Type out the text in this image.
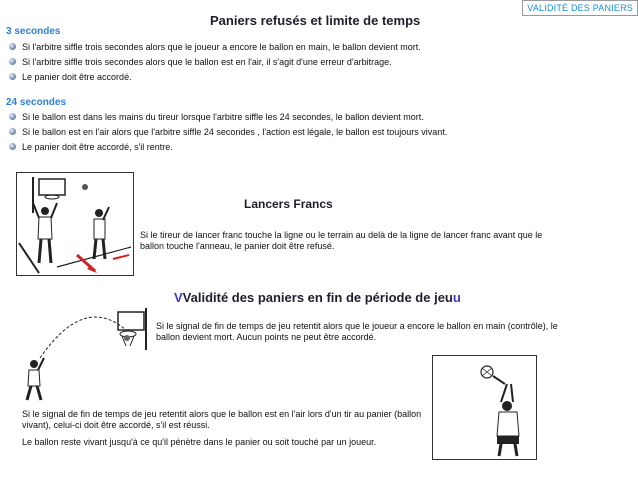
VALIDITÉ DES PANIERS
Paniers refusés et limite de temps
3 secondes
Si l'arbitre siffle trois secondes alors que le joueur a encore le ballon en main, le ballon devient mort.
Si l'arbitre siffle trois secondes alors que le ballon est en l'air, il s'agit d'une erreur d'arbitrage.
Le panier doit être accordé.
24 secondes
Si le ballon est dans les mains du tireur lorsque l'arbitre siffle les 24 secondes, le ballon devient mort.
Si le ballon est en l'air alors que l'arbitre siffle 24 secondes , l'action est légale, le ballon est toujours vivant.
Le panier doit être accordé, s'il rentre.
Lancers Francs
Si le tireur de lancer franc touche la ligne ou le terrain au delà de la ligne de lancer franc avant que le
ballon touche l'anneau, le panier doit être refusé.
VValidité des paniers en fin de période de jeuu
Si le signal de fin de temps de jeu retentit alors que le joueur a encore le ballon en main (contrôle), le
ballon devient mort. Aucun points ne peut être accordé.
Si le signal de fin de temps de jeu retentit alors que le ballon est en l'air lors d'un tir au panier (ballon
vivant), celui-ci doit être accordé, s'il est réussi.
Le ballon reste vivant jusqu'à ce qu'il pénètre dans le panier ou soit touché par un joueur.
